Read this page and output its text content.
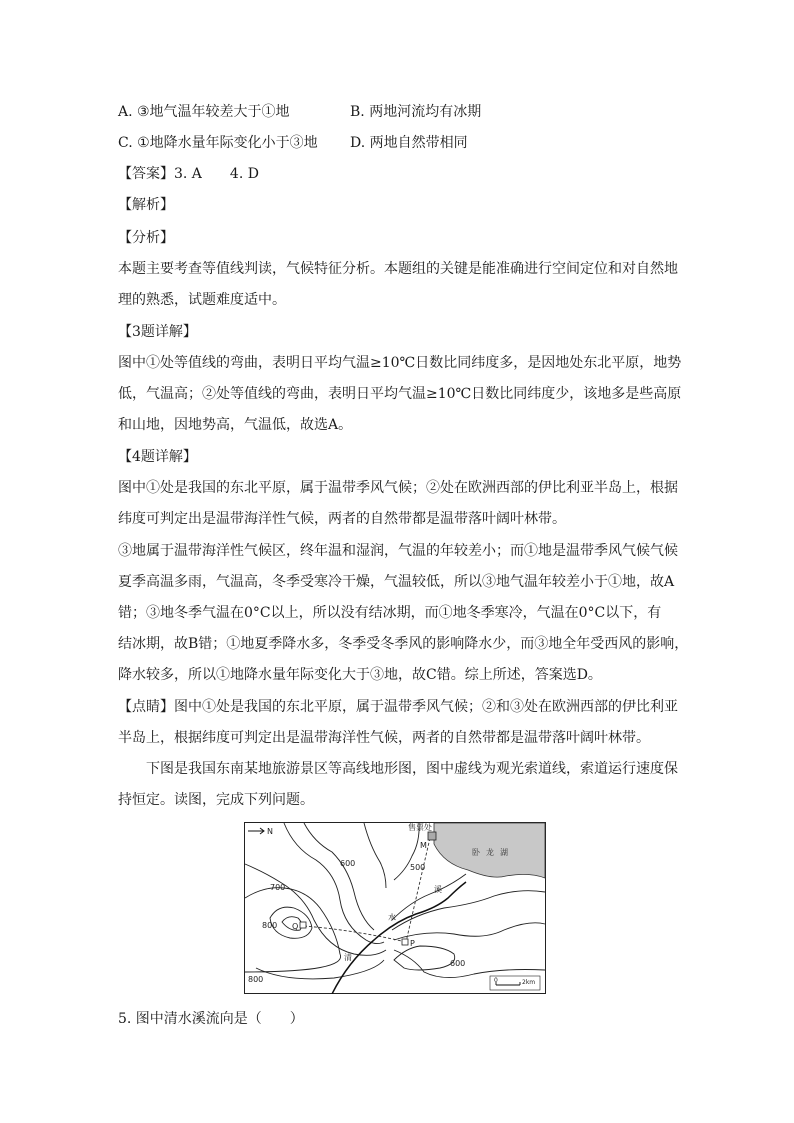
A. ③地气温年较差大于①地	B. 两地河流均有冰期
C. ①地降水量年际变化小于③地 D. 两地自然带相同
【答案】3. A　　4. D
【解析】
【分析】
本题主要考查等值线判读，气候特征分析。本题组的关键是能准确进行空间定位和对自然地
理的熟悉，试题难度适中。
【3题详解】
图中①处等值线的弯曲，表明日平均气温≥10℃日数比同纬度多，是因地处东北平原，地势
低，气温高；②处等值线的弯曲，表明日平均气温≥10℃日数比同纬度少，该地多是些高原
和山地，因地势高，气温低，故选A。
【4题详解】
图中①处是我国的东北平原，属于温带季风气候；②处在欧洲西部的伊比利亚半岛上，根据
纬度可判定出是温带海洋性气候，两者的自然带都是温带落叶阔叶林带。
③地属于温带海洋性气候区，终年温和湿润，气温的年较差小；而①地是温带季风气候气候
夏季高温多雨，气温高，冬季受寒冷干燥，气温较低，所以③地气温年较差小于①地，故A
错；③地冬季气温在0°C以上，所以没有结冰期，而①地冬季寒冷，气温在0°C以下，有
结冰期，故B错；①地夏季降水多，冬季受冬季风的影响降水少，而③地全年受西风的影响，
降水较多，所以①地降水量年际变化大于③地，故C错。综上所述，答案选D。
【点睛】图中①处是我国的东北平原，属于温带季风气候；②和③处在欧洲西部的伊比利亚
半岛上，根据纬度可判定出是温带海洋性气候，两者的自然带都是温带落叶阔叶林带。
下图是我国东南某地旅游景区等高线地形图，图中虚线为观光索道线，索道运行速度保
持恒定。读图，完成下列问题。
N
卧龙湖
售票处
M
Q
P
溪
水
清
600	500
700
800
600
800	0	2km
5. 图中清水溪流向是（　　）
